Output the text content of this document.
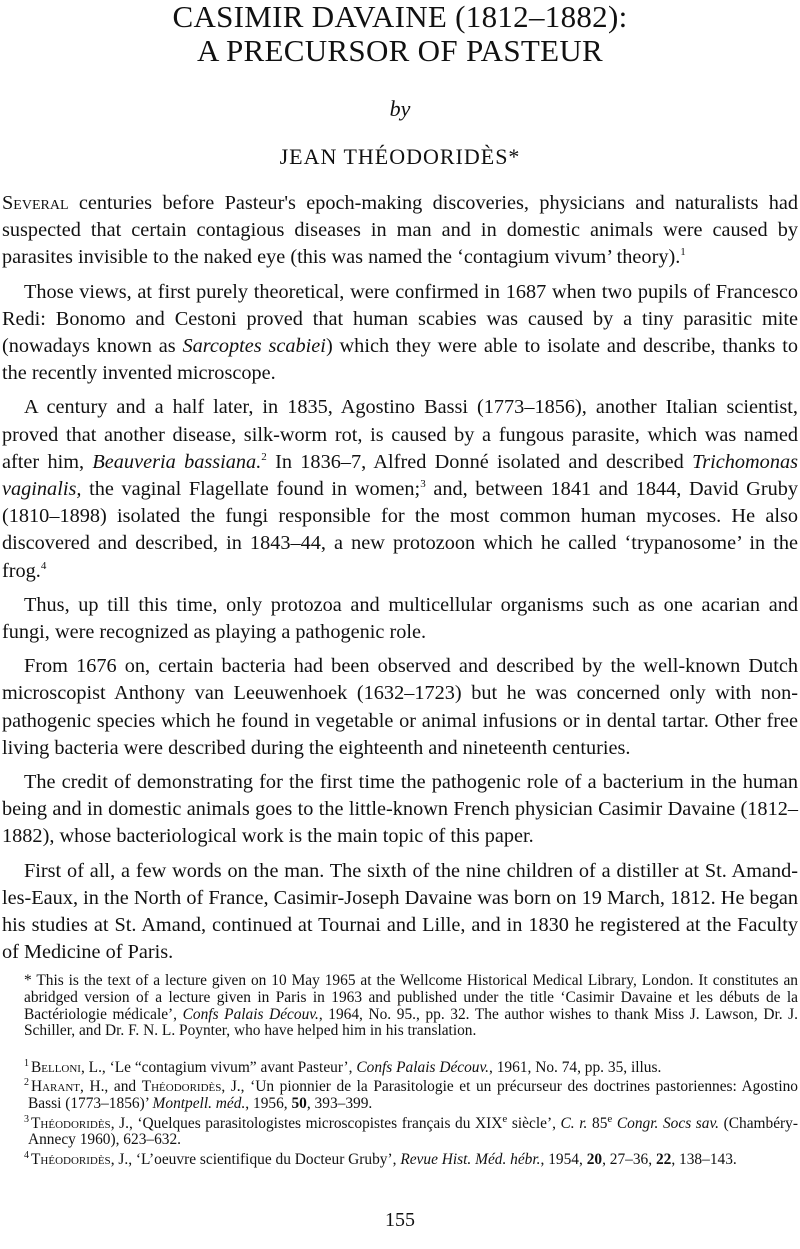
CASIMIR DAVAINE (1812–1882):
A PRECURSOR OF PASTEUR
by
JEAN THÉODORIDÈS*

Several centuries before Pasteur's epoch-making discoveries, physicians and naturalists had suspected that certain contagious diseases in man and in domestic animals were caused by parasites invisible to the naked eye (this was named the ‘contagium vivum’ theory).$^1$

Those views, at first purely theoretical, were confirmed in 1687 when two pupils of Francesco Redi: Bonomo and Cestoni proved that human scabies was caused by a tiny parasitic mite (nowadays known as Sarcoptes scabiei) which they were able to isolate and describe, thanks to the recently invented microscope.

A century and a half later, in 1835, Agostino Bassi (1773–1856), another Italian scientist, proved that another disease, silk-worm rot, is caused by a fungous parasite, which was named after him, Beauveria bassiana.$^2$ In 1836–7, Alfred Donné isolated and described Trichomonas vaginalis, the vaginal Flagellate found in women;$^3$ and, between 1841 and 1844, David Gruby (1810–1898) isolated the fungi responsible for the most common human mycoses. He also discovered and described, in 1843–44, a new protozoon which he called ‘trypanosome’ in the frog.$^4$

Thus, up till this time, only protozoa and multicellular organisms such as one acarian and fungi, were recognized as playing a pathogenic role.

From 1676 on, certain bacteria had been observed and described by the well-known Dutch microscopist Anthony van Leeuwenhoek (1632–1723) but he was concerned only with non-pathogenic species which he found in vegetable or animal infusions or in dental tartar. Other free living bacteria were described during the eighteenth and nineteenth centuries.

The credit of demonstrating for the first time the pathogenic role of a bacterium in the human being and in domestic animals goes to the little-known French physician Casimir Davaine (1812–1882), whose bacteriological work is the main topic of this paper.

First of all, a few words on the man. The sixth of the nine children of a distiller at St. Amand-les-Eaux, in the North of France, Casimir-Joseph Davaine was born on 19 March, 1812. He began his studies at St. Amand, continued at Tournai and Lille, and in 1830 he registered at the Faculty of Medicine of Paris.

* This is the text of a lecture given on 10 May 1965 at the Wellcome Historical Medical Library, London. It constitutes an abridged version of a lecture given in Paris in 1963 and published under the title ‘Casimir Davaine et les débuts de la Bactériologie médicale’, Confs Palais Découv., 1964, No. 95., pp. 32. The author wishes to thank Miss J. Lawson, Dr. J. Schiller, and Dr. F. N. L. Poynter, who have helped him in his translation.
$^1$ Belloni, L., ‘Le “contagium vivum” avant Pasteur’, Confs Palais Découv., 1961, No. 74, pp. 35, illus.
$^2$ Harant, H., and Théodoridès, J., ‘Un pionnier de la Parasitologie et un précurseur des doctrines pastoriennes: Agostino Bassi (1773–1856)’ Montpell. méd., 1956, 50, 393–399.
$^3$ Théodoridès, J., ‘Quelques parasitologistes microscopistes français du XIXe siècle’, C. r. 85e Congr. Socs sav. (Chambéry-Annecy 1960), 623–632.
$^4$ Théodoridès, J., ‘L’oeuvre scientifique du Docteur Gruby’, Revue Hist. Méd. hébr., 1954, 20, 27–36, 22, 138–143.
155
